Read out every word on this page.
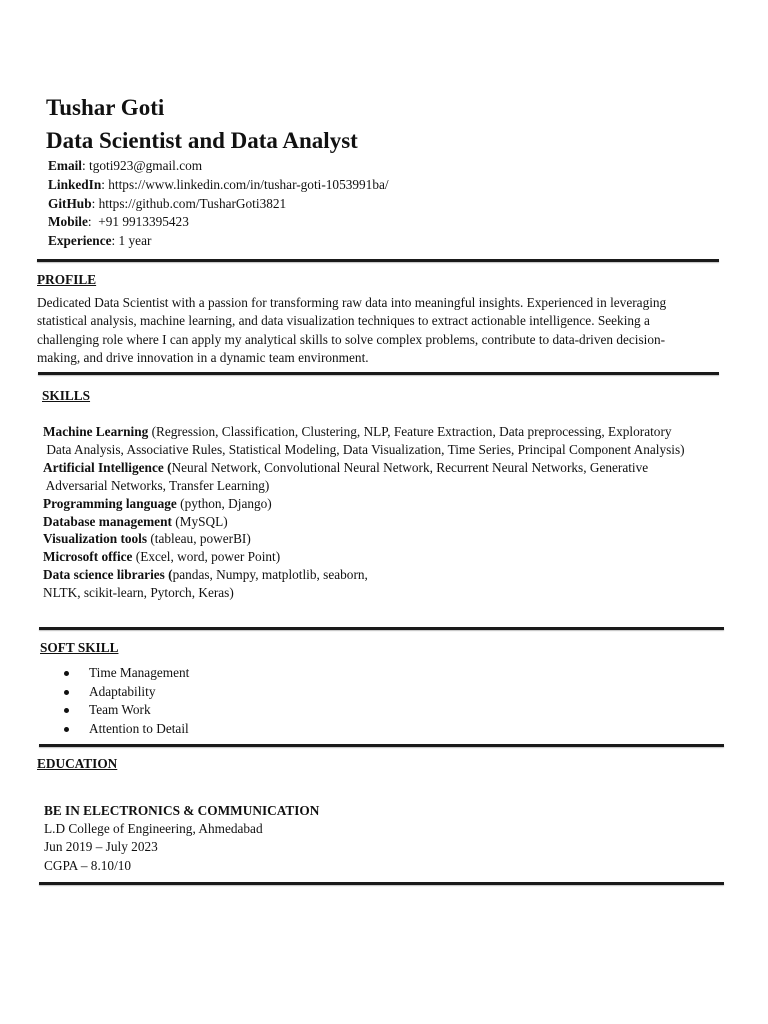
Tushar Goti
Data Scientist and Data Analyst
Email: tgoti923@gmail.com
LinkedIn: https://www.linkedin.com/in/tushar-goti-1053991ba/
GitHub: https://github.com/TusharGoti3821
Mobile:  +91 9913395423
Experience: 1 year
PROFILE
Dedicated Data Scientist with a passion for transforming raw data into meaningful insights. Experienced in leveraging
statistical analysis, machine learning, and data visualization techniques to extract actionable intelligence. Seeking a
challenging role where I can apply my analytical skills to solve complex problems, contribute to data-driven decision-
making, and drive innovation in a dynamic team environment.
SKILLS
Machine Learning (Regression, Classification, Clustering, NLP, Feature Extraction, Data preprocessing, Exploratory
Data Analysis, Associative Rules, Statistical Modeling, Data Visualization, Time Series, Principal Component Analysis)
Artificial Intelligence (Neural Network, Convolutional Neural Network, Recurrent Neural Networks, Generative
Adversarial Networks, Transfer Learning)
Programming language (python, Django)
Database management (MySQL)
Visualization tools (tableau, powerBI)
Microsoft office (Excel, word, power Point)
Data science libraries (pandas, Numpy, matplotlib, seaborn,
NLTK, scikit-learn, Pytorch, Keras)
SOFT SKILL
Time Management
Adaptability
Team Work
Attention to Detail
EDUCATION
BE IN ELECTRONICS & COMMUNICATION
L.D College of Engineering, Ahmedabad
Jun 2019 – July 2023
CGPA – 8.10/10
